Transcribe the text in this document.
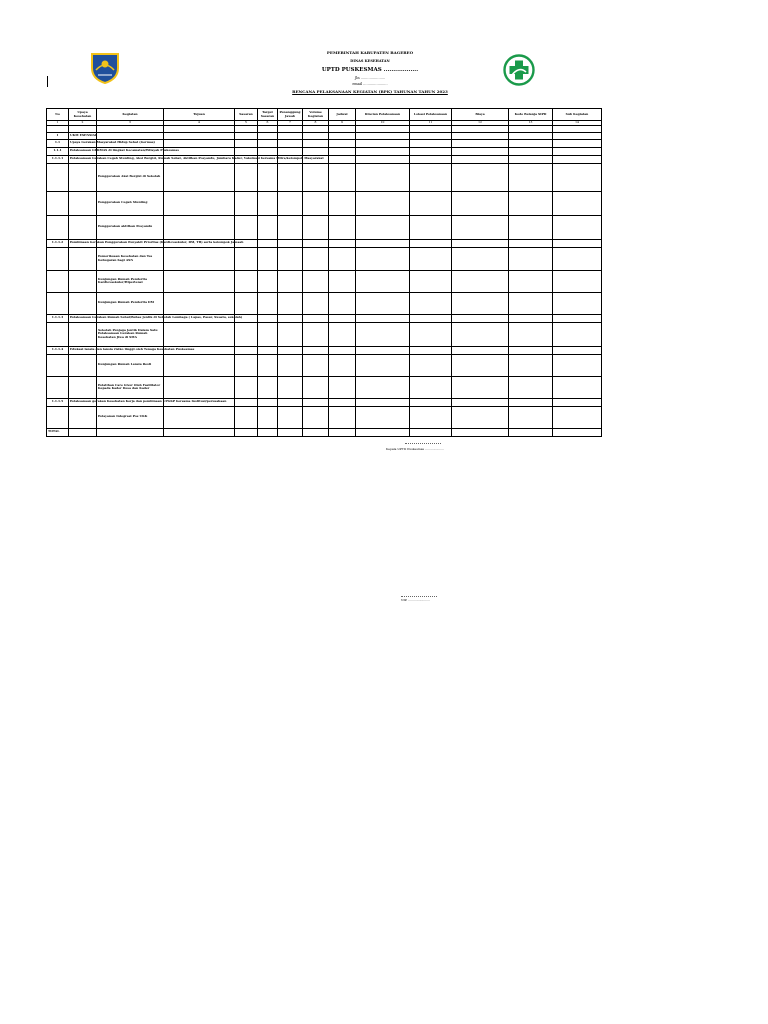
PEMERINTAH KABUPATEN BAGEREO
DINAS KESEHATAN
UPTD PUSKESMAS ..................
Jln ......................
email ......................
RENCANA PELAKSANAAN KEGIATAN (RPK) TAHUNAN TAHUN 2023
No	Upaya Kesehatan	Kegiatan	Tujuan	Sasaran	Target Sasaran	Penanggung Jawab	Volume Kegiatan	Jadwal	Rincian Pelaksanaan	Lokasi Pelaksanaan	Biaya	Kode Belanja SIPD	Sub Kegiatan
1	2	3	4	5	6	7	8	9	10	11	12	13	14

I	UKM ESENSIAL												
1.1	Upaya Gerakan Masyarakat Hidup Sehat (Germas)												
1.1.1	Pelaksanaan GERMAS di tingkat Kecamatan/Wilayah Puskesmas												
1.1.1.1	Pelaksanaan Gerakan Cegah Stunting, Aksi Bergizi, Rumah Sehat, Aktifkan Posyandu, Jumbara Kader, Vaksinasi bersama Mitra/kelompok Masyarakat												
		Penggerakan Aksi Bergizi di Sekolah											
		Penggerakan Cegah Stunting											
		Penggerakan aktifkan Posyandu											
1.1.1.2	Pembinaan Gerakan Penggerakan Penyakit Prioritas (Kardiovaskuler, DM, TB) serta kelompok Jamaah												
		Pemeriksaan Kesehatan dan Tes Kebugaran bagi ASN											
		Kunjungan Rumah Penderita Kardiovaskuler/Hipertensi											
		Kunjungan Rumah Penderita DM											
1.1.1.3	Pelaksanaan Gerakan Rumah Sehat/Bebas Jentik di Sekolah Lembaga ( Lapas, Pasar, Swasta, sekolah)												
		Sekolah Penjaga Jentik Dalam Satu Pelaksanaan Gerakan Rumah Kesehatan Jiwa di SMA											
1.1.1.4	Edukasi lansia dan lansia risiko tinggi oleh Tenaga Kesehatan Puskesmas												
		Kunjungan Rumah Lansia Resti											
		Pelatihan Care Giver Oleh Fasilitator Kepada Kader Desa dan Kader											
1.1.1.5	Pelaksanaan gerakan Kesehatan Kerja dan pembinaan UPGKP bersama Institusi/perusahaan												
		Pelayanan Integrasi Pos UKK											
TOTAL													
Kepala UPTD Puskesmas ....................
NIP. .......................
